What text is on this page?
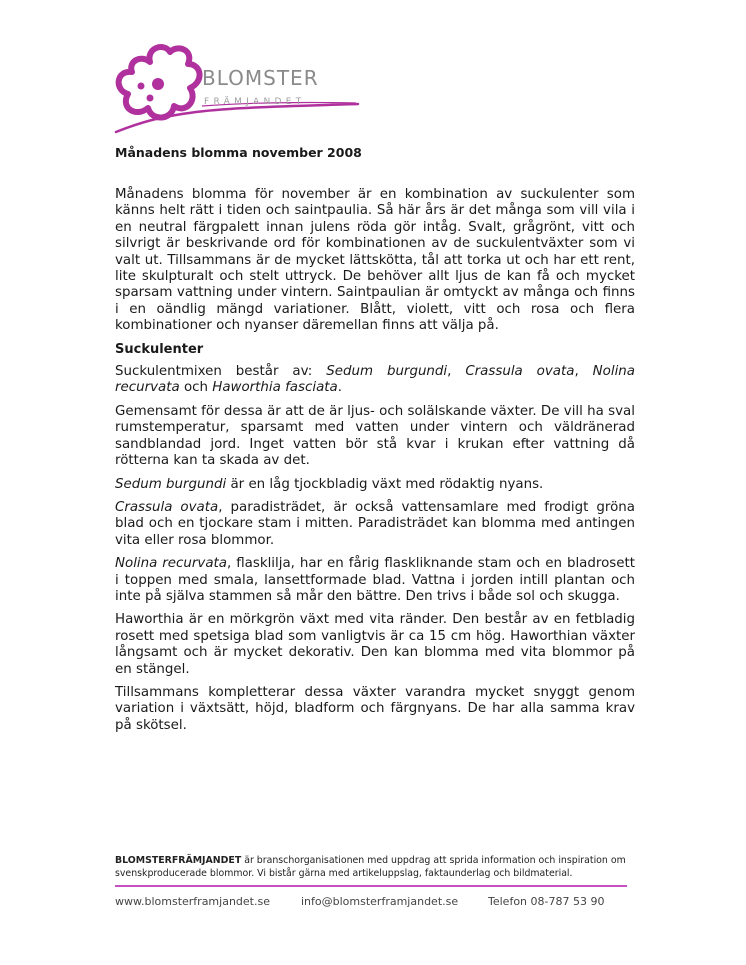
BLOMSTER
FRÄMJANDET
Månadens blomma november 2008

Månadens blomma för november är en kombination av suckulenter som känns helt rätt i tiden och saintpaulia. Så här års är det många som vill vila i en neutral färgpalett innan julens röda gör intåg. Svalt, grågrönt, vitt och silvrigt är beskrivande ord för kombinationen av de suckulentväxter som vi valt ut. Tillsammans är de mycket lättskötta, tål att torka ut och har ett rent, lite skulpturalt och stelt uttryck. De behöver allt ljus de kan få och mycket sparsam vattning under vintern. Saintpaulian är omtyckt av många och finns i en oändlig mängd variationer. Blått, violett, vitt och rosa och flera kombinationer och nyanser däremellan finns att välja på.

Suckulenter

Suckulentmixen består av: Sedum burgundi, Crassula ovata, Nolina recurvata och Haworthia fasciata.

Gemensamt för dessa är att de är ljus- och solälskande växter. De vill ha sval rumstemperatur, sparsamt med vatten under vintern och väldränerad sandblandad jord. Inget vatten bör stå kvar i krukan efter vattning då rötterna kan ta skada av det.

Sedum burgundi är en låg tjockbladig växt med rödaktig nyans.

Crassula ovata, paradisträdet, är också vattensamlare med frodigt gröna blad och en tjockare stam i mitten. Paradisträdet kan blomma med antingen vita eller rosa blommor.

Nolina recurvata, flasklilja, har en fårig flaskliknande stam och en bladrosett i toppen med smala, lansettformade blad. Vattna i jorden intill plantan och inte på själva stammen så mår den bättre. Den trivs i både sol och skugga.

Haworthia är en mörkgrön växt med vita ränder. Den består av en fetbladig rosett med spetsiga blad som vanligtvis är ca 15 cm hög. Haworthian växter långsamt och är mycket dekorativ. Den kan blomma med vita blommor på en stängel.

Tillsammans kompletterar dessa växter varandra mycket snyggt genom variation i växtsätt, höjd, bladform och färgnyans. De har alla samma krav på skötsel.

BLOMSTERFRÄMJANDET är branschorganisationen med uppdrag att sprida information och inspiration om svenskproducerade blommor. Vi bistår gärna med artikeluppslag, faktaunderlag och bildmaterial.
www.blomsterframjandet.se	info@blomsterframjandet.se	Telefon 08-787 53 90
